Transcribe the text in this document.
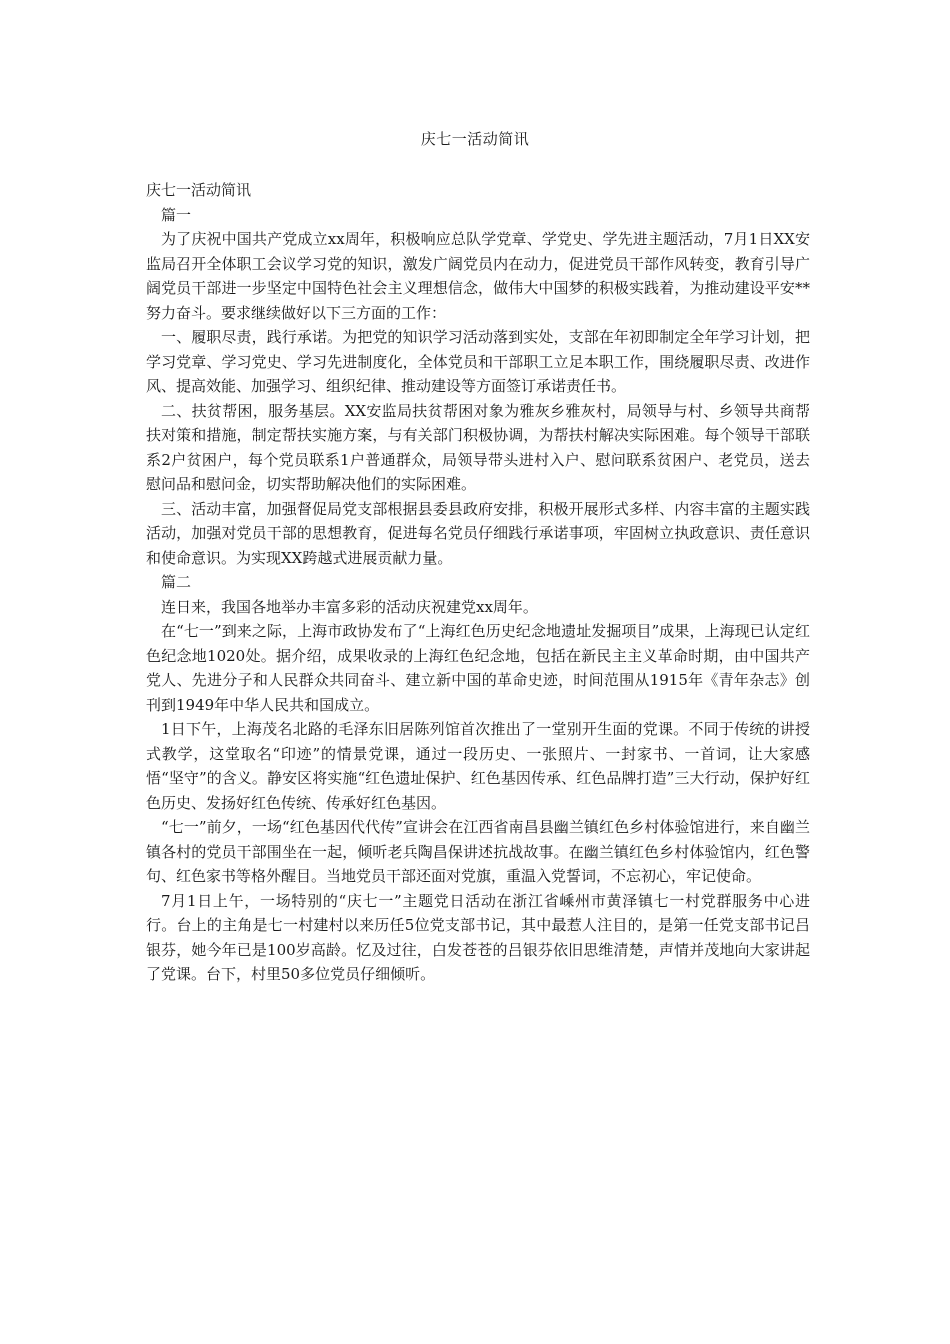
庆七一活动简讯

庆七一活动简讯

篇一

为了庆祝中国共产党成立xx周年，积极响应总队学党章、学党史、学先进主题活动，7月1日XX安监局召开全体职工会议学习党的知识，激发广阔党员内在动力，促进党员干部作风转变，教育引导广阔党员干部进一步坚定中国特色社会主义理想信念，做伟大中国梦的积极实践着，为推动建设平安**努力奋斗。要求继续做好以下三方面的工作：

一、履职尽责，践行承诺。为把党的知识学习活动落到实处，支部在年初即制定全年学习计划，把学习党章、学习党史、学习先进制度化，全体党员和干部职工立足本职工作，围绕履职尽责、改进作风、提高效能、加强学习、组织纪律、推动建设等方面签订承诺责任书。

二、扶贫帮困，服务基层。XX安监局扶贫帮困对象为雅灰乡雅灰村，局领导与村、乡领导共商帮扶对策和措施，制定帮扶实施方案，与有关部门积极协调，为帮扶村解决实际困难。每个领导干部联系2户贫困户，每个党员联系1户普通群众，局领导带头进村入户、慰问联系贫困户、老党员，送去慰问品和慰问金，切实帮助解决他们的实际困难。

三、活动丰富，加强督促局党支部根据县委县政府安排，积极开展形式多样、内容丰富的主题实践活动，加强对党员干部的思想教育，促进每名党员仔细践行承诺事项，牢固树立执政意识、责任意识和使命意识。为实现XX跨越式进展贡献力量。

篇二

连日来，我国各地举办丰富多彩的活动庆祝建党xx周年。

在“七一”到来之际，上海市政协发布了“上海红色历史纪念地遗址发掘项目”成果，上海现已认定红色纪念地1020处。据介绍，成果收录的上海红色纪念地，包括在新民主主义革命时期，由中国共产党人、先进分子和人民群众共同奋斗、建立新中国的革命史迹，时间范围从1915年《青年杂志》创刊到1949年中华人民共和国成立。

1日下午，上海茂名北路的毛泽东旧居陈列馆首次推出了一堂别开生面的党课。不同于传统的讲授式教学，这堂取名“印迹”的情景党课，通过一段历史、一张照片、一封家书、一首词，让大家感悟“坚守”的含义。静安区将实施“红色遗址保护、红色基因传承、红色品牌打造”三大行动，保护好红色历史、发扬好红色传统、传承好红色基因。

“七一”前夕，一场“红色基因代代传”宣讲会在江西省南昌县幽兰镇红色乡村体验馆进行，来自幽兰镇各村的党员干部围坐在一起，倾听老兵陶昌保讲述抗战故事。在幽兰镇红色乡村体验馆内，红色警句、红色家书等格外醒目。当地党员干部还面对党旗，重温入党誓词，不忘初心，牢记使命。

7月1日上午，一场特别的“庆七一”主题党日活动在浙江省嵊州市黄泽镇七一村党群服务中心进行。台上的主角是七一村建村以来历任5位党支部书记，其中最惹人注目的，是第一任党支部书记吕银芬，她今年已是100岁高龄。忆及过往，白发苍苍的吕银芬依旧思维清楚，声情并茂地向大家讲起了党课。台下，村里50多位党员仔细倾听。
